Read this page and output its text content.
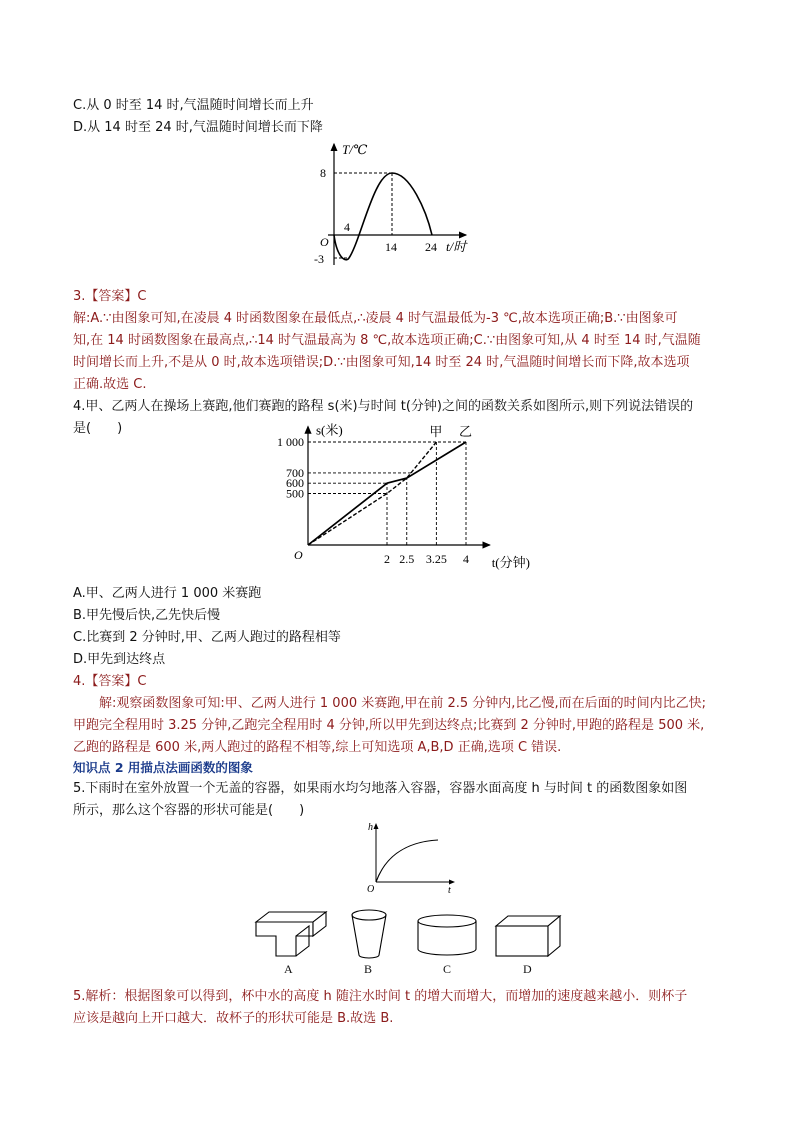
C.从 0 时至 14 时,气温随时间增长而上升
D.从 14 时至 24 时,气温随时间增长而下降
T/℃
t/时
O
8
-3
4
14 24
3.【答案】C
解:A.∵由图象可知,在凌晨 4 时函数图象在最低点,∴凌晨 4 时气温最低为-3 ℃,故本选项正确;B.∵由图象可
知,在 14 时函数图象在最高点,∴14 时气温最高为 8 ℃,故本选项正确;C.∵由图象可知,从 4 时至 14 时,气温随
时间增长而上升,不是从 0 时,故本选项错误;D.∵由图象可知,14 时至 24 时,气温随时间增长而下降,故本选项
正确.故选 C.
4.甲、乙两人在操场上赛跑,他们赛跑的路程 s(米)与时间 t(分钟)之间的函数关系如图所示,则下列说法错误的
是(　　)	甲 乙
500
600
700
1 000
2 2.5 3.25 4
s(米)
t(分钟)
O
A.甲、乙两人进行 1 000 米赛跑
B.甲先慢后快,乙先快后慢
C.比赛到 2 分钟时,甲、乙两人跑过的路程相等
D.甲先到达终点
4.【答案】C
解:观察函数图象可知:甲、乙两人进行 1 000 米赛跑,甲在前 2.5 分钟内,比乙慢,而在后面的时间内比乙快;
甲跑完全程用时 3.25 分钟,乙跑完全程用时 4 分钟,所以甲先到达终点;比赛到 2 分钟时,甲跑的路程是 500 米,
乙跑的路程是 600 米,两人跑过的路程不相等,综上可知选项 A,B,D 正确,选项 C 错误.
知识点 2 用描点法画函数的图象
5.下雨时在室外放置一个无盖的容器，如果雨水均匀地落入容器，容器水面高度 h 与时间 t 的函数图象如图
所示，那么这个容器的形状可能是(　　)
h
t
O
A	B	C	D
5.解析：根据图象可以得到，杯中水的高度 h 随注水时间 t 的增大而增大，而增加的速度越来越小．则杯子
应该是越向上开口越大．故杯子的形状可能是 B.故选 B.
